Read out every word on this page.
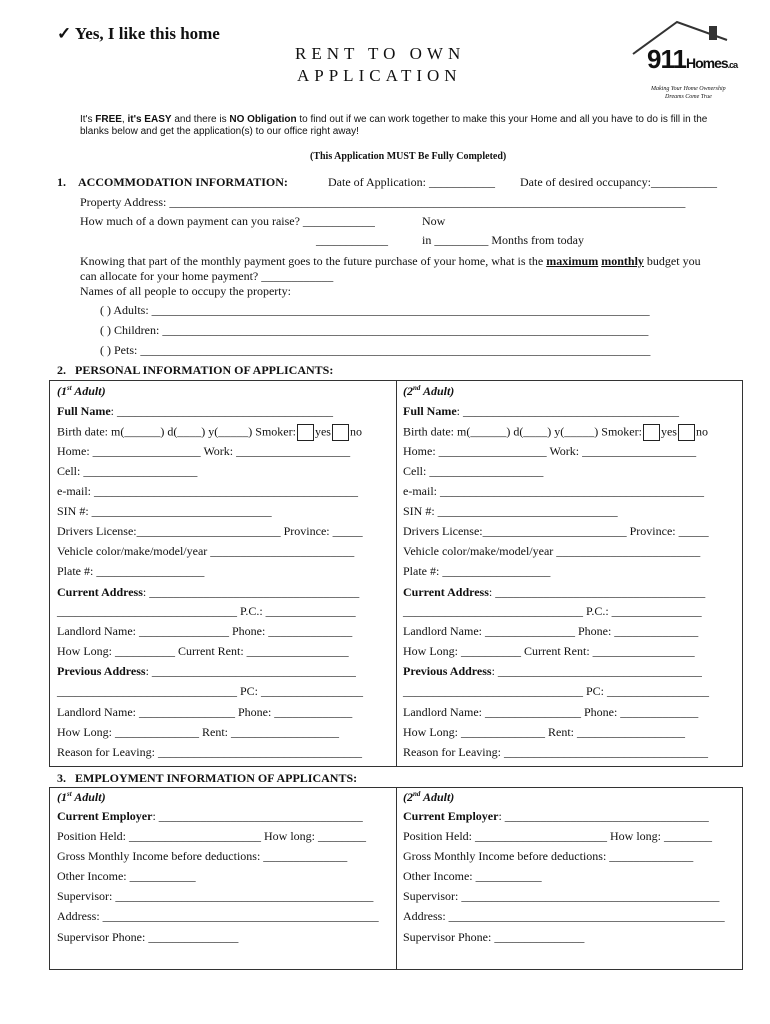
✓ Yes, I like this home
RENT TO OWN
APPLICATION
911Homes.ca
Making Your Home Ownership
Dreams Come True
It's FREE, it's EASY and there is NO Obligation to find out if we can work together to make this your Home and all you have to do is fill in the blanks below and get the application(s) to our office right away!
(This Application MUST Be Fully Completed)
1. ACCOMMODATION INFORMATION:	Date of Application: ___________ Date of desired occupancy:___________
Property Address: ______________________________________________________________________________________
How much of a down payment can you raise? ____________	Now
____________	in _________ Months from today
Knowing that part of the monthly payment goes to the future purchase of your home, what is the maximum monthly budget you
can allocate for your home payment? ____________
Names of all people to occupy the property:
( ) Adults: ___________________________________________________________________________________
( ) Children: _________________________________________________________________________________
( ) Pets: _____________________________________________________________________________________
2. PERSONAL INFORMATION OF APPLICANTS:
(1st Adult)
Full Name: ____________________________________
Birth date: m(______) d(____) y(_____) Smoker: yes no
Home: __________________ Work: ___________________
Cell: ___________________
e-mail: ____________________________________________
SIN #: ______________________________
Drivers License:________________________ Province: _____
Vehicle color/make/model/year ________________________
Plate #: __________________
Current Address: ___________________________________
______________________________ P.C.: _______________
Landlord Name: _______________ Phone: ______________
How Long: __________ Current Rent: _________________
Previous Address: __________________________________
______________________________ PC: _________________
Landlord Name: ________________ Phone: _____________
How Long: ______________ Rent: __________________
Reason for Leaving: __________________________________
(2nd Adult)
Full Name: ____________________________________
Birth date: m(______) d(____) y(_____) Smoker: yes no
Home: __________________ Work: ___________________
Cell: ___________________
e-mail: ____________________________________________
SIN #: ______________________________
Drivers License:________________________ Province: _____
Vehicle color/make/model/year ________________________
Plate #: __________________
Current Address: ___________________________________
______________________________ P.C.: _______________
Landlord Name: _______________ Phone: ______________
How Long: __________ Current Rent: _________________
Previous Address: __________________________________
______________________________ PC: _________________
Landlord Name: ________________ Phone: _____________
How Long: ______________ Rent: __________________
Reason for Leaving: __________________________________
3. EMPLOYMENT INFORMATION OF APPLICANTS:
(1st Adult)
Current Employer: __________________________________
Position Held: ______________________ How long: ________
Gross Monthly Income before deductions: ______________
Other Income: ___________
Supervisor: ___________________________________________
Address: ______________________________________________
Supervisor Phone: _______________
(2nd Adult)
Current Employer: __________________________________
Position Held: ______________________ How long: ________
Gross Monthly Income before deductions: ______________
Other Income: ___________
Supervisor: ___________________________________________
Address: ______________________________________________
Supervisor Phone: _______________
